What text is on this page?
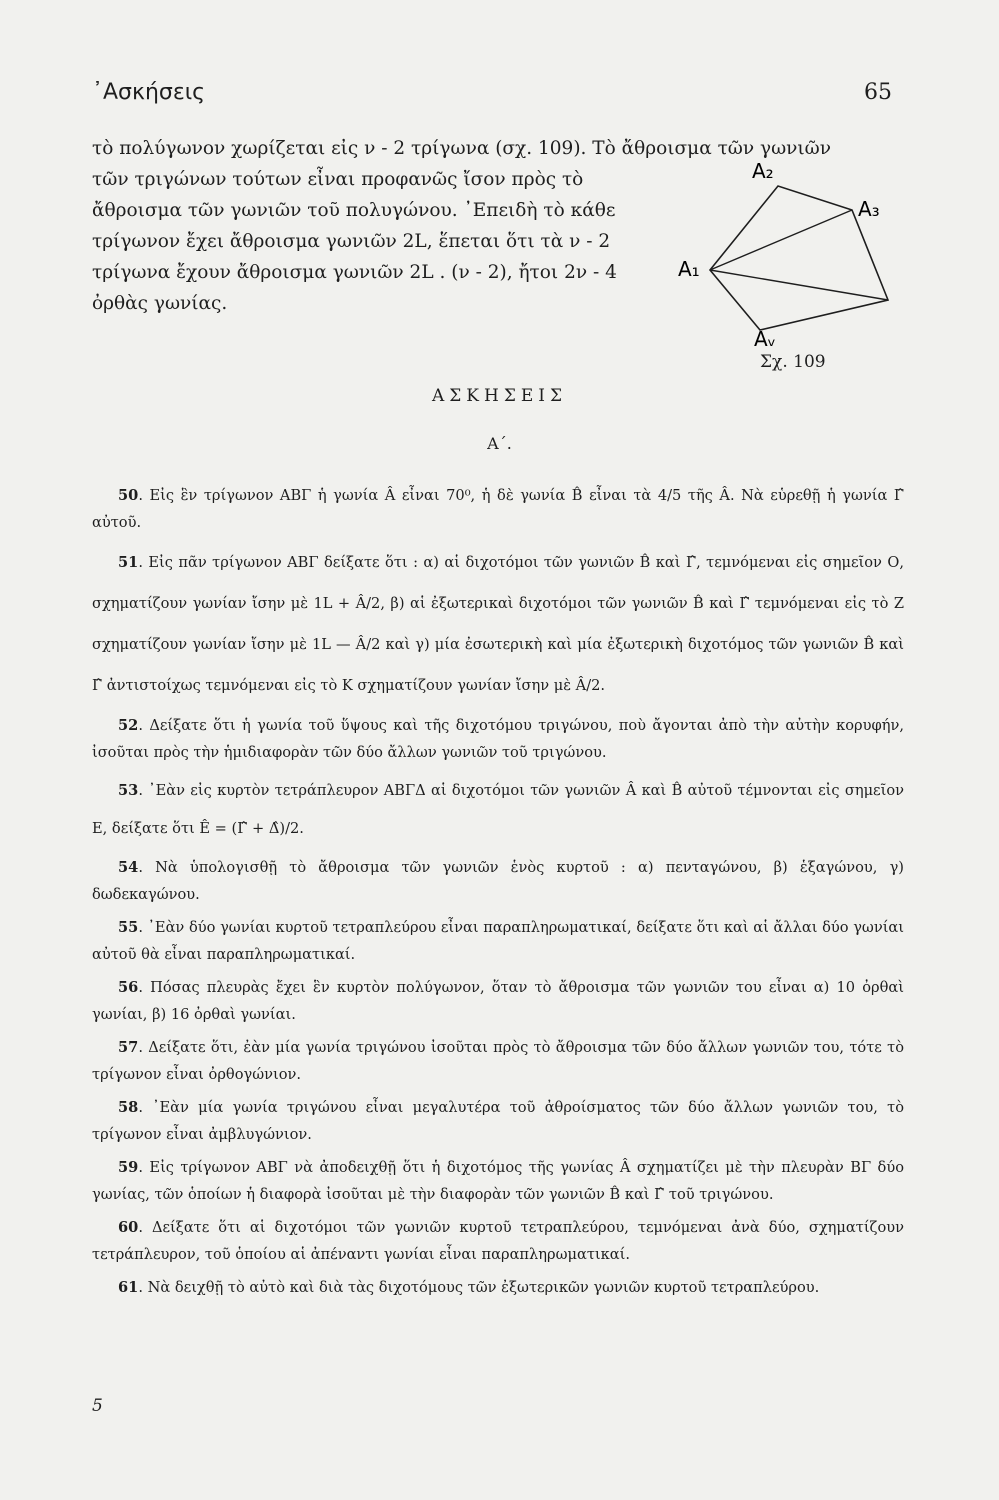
᾿Ασκήσεις	65
τὸ πολύγωνον χωρίζεται εἰς ν - 2 τρίγωνα (σχ. 109). Τὸ ἄθροισμα τῶν γωνιῶν
τῶν τριγώνων τούτων εἶναι προφανῶς ἴσον πρὸς τὸ
ἄθροισμα τῶν γωνιῶν τοῦ πολυγώνου. ᾿Επειδὴ τὸ κάθε
τρίγωνον ἔχει ἄθροισμα γωνιῶν 2L, ἕπεται ὅτι τὰ ν - 2
τρίγωνα ἔχουν ἄθροισμα γωνιῶν 2L . (ν - 2), ἤτοι 2ν - 4
ὀρθὰς γωνίας.
A₁
A₂
A₃
Aᵥ
Σχ. 109
ΑΣΚΗΣΕΙΣ
Α΄.

50. Εἰς ἓν τρίγωνον ΑΒΓ ἡ γωνία Â εἶναι 70⁰, ἡ δὲ γωνία B̂ εἶναι τὰ 4/5 τῆς Â. Νὰ εὑρεθῇ ἡ γωνία Γ̂ αὐτοῦ.

51. Εἰς πᾶν τρίγωνον ΑΒΓ δείξατε ὅτι : α) αἱ διχοτόμοι τῶν γωνιῶν B̂ καὶ Γ̂, τεμνόμεναι εἰς σημεῖον Ο, σχηματίζουν γωνίαν ἴσην μὲ 1L + Â/2, β) αἱ ἐξωτερικαὶ διχοτόμοι τῶν γωνιῶν B̂ καὶ Γ̂ τεμνόμεναι εἰς τὸ Ζ σχηματίζουν γωνίαν ἴσην μὲ 1L — Â/2 καὶ γ) μία ἐσωτερικὴ καὶ μία ἐξωτερικὴ διχοτόμος τῶν γωνιῶν B̂ καὶ Γ̂ ἀντιστοίχως τεμνόμεναι εἰς τὸ Κ σχηματίζουν γωνίαν ἴσην μὲ Â/2.

52. Δείξατε ὅτι ἡ γωνία τοῦ ὕψους καὶ τῆς διχοτόμου τριγώνου, ποὺ ἄγονται ἀπὸ τὴν αὐτὴν κορυφήν, ἰσοῦται πρὸς τὴν ἡμιδιαφορὰν τῶν δύο ἄλλων γωνιῶν τοῦ τριγώνου.

53. ᾿Εὰν εἰς κυρτὸν τετράπλευρον ΑΒΓΔ αἱ διχοτόμοι τῶν γωνιῶν Â καὶ B̂ αὐτοῦ τέμνονται εἰς σημεῖον Ε, δείξατε ὅτι Ê = (Γ̂ + Δ̂)/2.

54. Νὰ ὑπολογισθῇ τὸ ἄθροισμα τῶν γωνιῶν ἑνὸς κυρτοῦ : α) πενταγώνου, β) ἑξαγώνου, γ) δωδεκαγώνου.

55. ᾿Εὰν δύο γωνίαι κυρτοῦ τετραπλεύρου εἶναι παραπληρωματικαί, δείξατε ὅτι καὶ αἱ ἄλλαι δύο γωνίαι αὐτοῦ θὰ εἶναι παραπληρωματικαί.

56. Πόσας πλευρὰς ἔχει ἓν κυρτὸν πολύγωνον, ὅταν τὸ ἄθροισμα τῶν γωνιῶν του εἶναι α) 10 ὀρθαὶ γωνίαι, β) 16 ὀρθαὶ γωνίαι.

57. Δείξατε ὅτι, ἐὰν μία γωνία τριγώνου ἰσοῦται πρὸς τὸ ἄθροισμα τῶν δύο ἄλλων γωνιῶν του, τότε τὸ τρίγωνον εἶναι ὀρθογώνιον.

58. ᾿Εὰν μία γωνία τριγώνου εἶναι μεγαλυτέρα τοῦ ἀθροίσματος τῶν δύο ἄλλων γωνιῶν του, τὸ τρίγωνον εἶναι ἀμβλυγώνιον.

59. Εἰς τρίγωνον ΑΒΓ νὰ ἀποδειχθῇ ὅτι ἡ διχοτόμος τῆς γωνίας Â σχηματίζει μὲ τὴν πλευρὰν ΒΓ δύο γωνίας, τῶν ὁποίων ἡ διαφορὰ ἰσοῦται μὲ τὴν διαφορὰν τῶν γωνιῶν B̂ καὶ Γ̂ τοῦ τριγώνου.

60. Δείξατε ὅτι αἱ διχοτόμοι τῶν γωνιῶν κυρτοῦ τετραπλεύρου, τεμνόμεναι ἀνὰ δύο, σχηματίζουν τετράπλευρον, τοῦ ὁποίου αἱ ἀπέναντι γωνίαι εἶναι παραπληρωματικαί.

61. Νὰ δειχθῇ τὸ αὐτὸ καὶ διὰ τὰς διχοτόμους τῶν ἐξωτερικῶν γωνιῶν κυρτοῦ τετραπλεύρου.

5
